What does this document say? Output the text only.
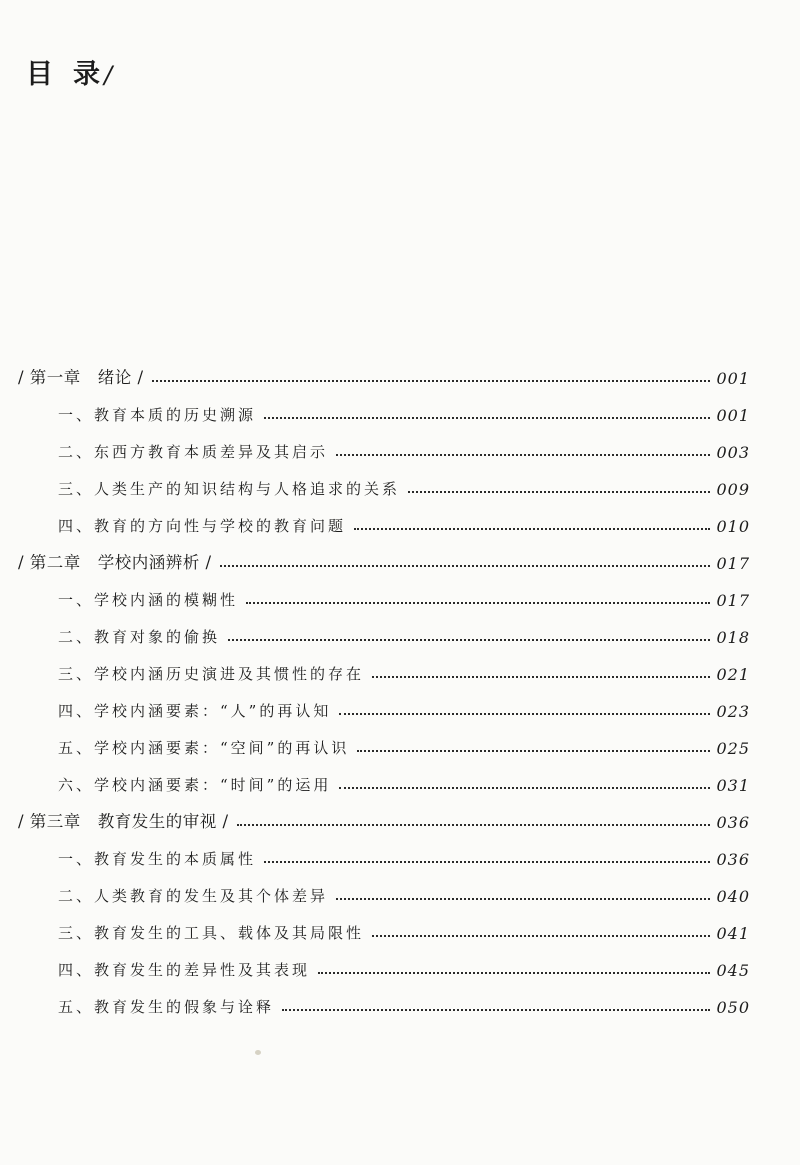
目 录 /
/ 第一章　绪论 /	001
一、教育本质的历史溯源	001
二、东西方教育本质差异及其启示	003
三、人类生产的知识结构与人格追求的关系	009
四、教育的方向性与学校的教育问题	010
/ 第二章　学校内涵辨析 /	017
一、学校内涵的模糊性	017
二、教育对象的偷换	018
三、学校内涵历史演进及其惯性的存在	021
四、学校内涵要素：“人”的再认知	023
五、学校内涵要素：“空间”的再认识	025
六、学校内涵要素：“时间”的运用	031
/ 第三章　教育发生的审视 /	036
一、教育发生的本质属性	036
二、人类教育的发生及其个体差异	040
三、教育发生的工具、载体及其局限性	041
四、教育发生的差异性及其表现	045
五、教育发生的假象与诠释	050
